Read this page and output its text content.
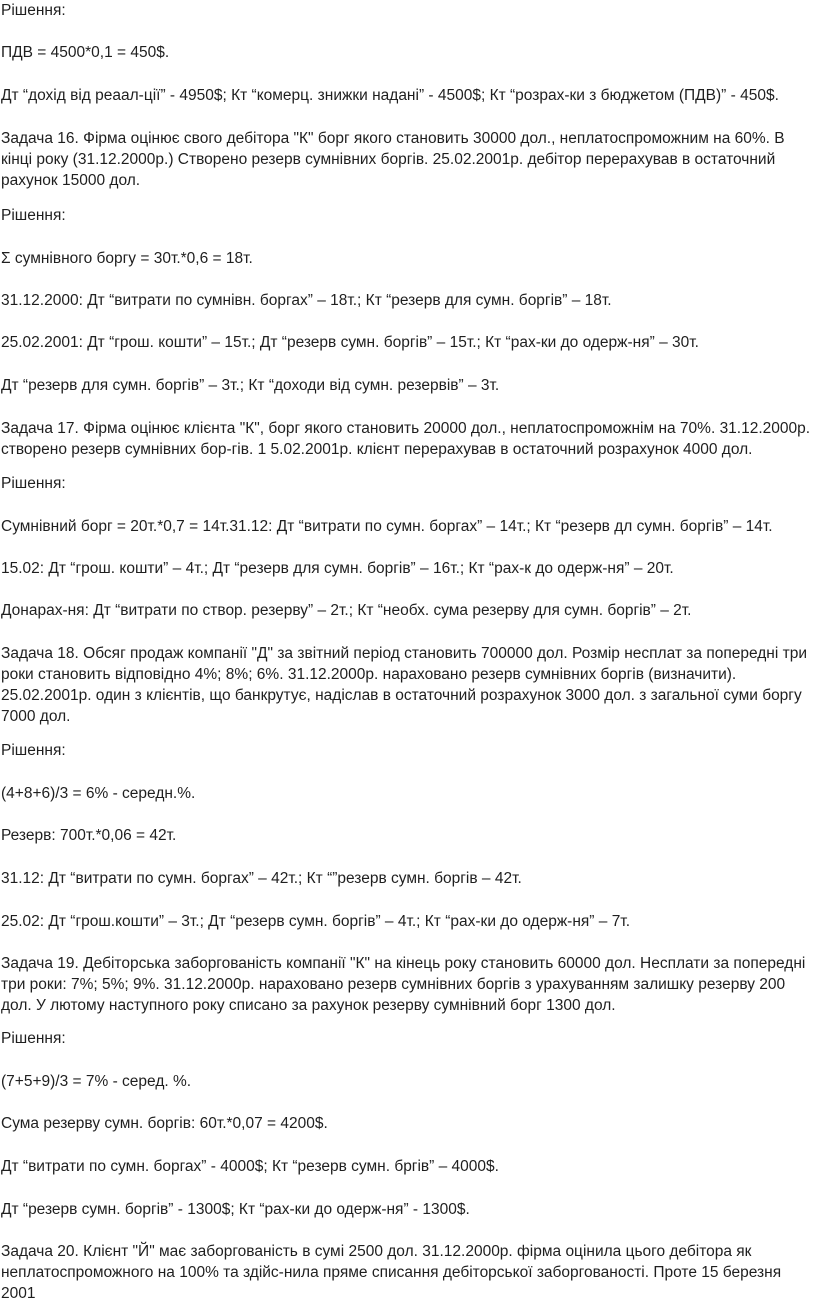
Рішення:

ПДВ = 4500*0,1 = 450$.

Дт “дохід від реаал-ції” - 4950$; Кт “комерц. знижки надані” - 4500$; Кт “розрах-ки з бюджетом (ПДВ)” - 450$.

Задача 16. Фірма оцінює свого дебітора "К" борг якого становить 30000 дол., неплатоспроможним на 60%. В кінці року (31.12.2000р.) Створено резерв сумнівних боргів. 25.02.2001р. дебітор перерахував в остаточний рахунок 15000 дол.

Рішення:

Σ сумнівного боргу = 30т.*0,6 = 18т.

31.12.2000: Дт “витрати по сумнівн. боргах” – 18т.; Кт “резерв для сумн. боргів” – 18т.

25.02.2001: Дт “грош. кошти” – 15т.; Дт “резерв сумн. боргів” – 15т.; Кт “рах-ки до одерж-ня” – 30т.

Дт “резерв для сумн. боргів” – 3т.; Кт “доходи від сумн. резервів” – 3т.

Задача 17. Фірма оцінює клієнта "К", борг якого становить 20000 дол., неплатоспроможнім на 70%. 31.12.2000р. створено резерв сумнівних бор-гів. 1 5.02.2001р. клієнт перерахував в остаточний розрахунок 4000 дол.

Рішення:

Сумнівний борг = 20т.*0,7 = 14т.31.12: Дт “витрати по сумн. боргах” – 14т.; Кт “резерв дл сумн. боргів” – 14т.

15.02: Дт “грош. кошти” – 4т.; Дт “резерв для сумн. боргів” – 16т.; Кт “рах-к до одерж-ня” – 20т.

Донарах-ня: Дт “витрати по створ. резерву” – 2т.; Кт “необх. сума резерву для сумн. боргів” – 2т.

Задача 18. Обсяг продаж компанії "Д" за звітний період становить 700000 дол. Розмір несплат за попередні три роки становить відповідно 4%; 8%; 6%. 31.12.2000р. нараховано резерв сумнівних боргів (визначити). 25.02.2001р. один з клієнтів, що банкрутує, надіслав в остаточний розрахунок 3000 дол. з загальної суми боргу 7000 дол.

Рішення:

(4+8+6)/3 = 6% - середн.%.

Резерв: 700т.*0,06 = 42т.

31.12: Дт “витрати по сумн. боргах” – 42т.; Кт “”резерв сумн. боргів – 42т.

25.02: Дт “грош.кошти” – 3т.; Дт “резерв сумн. боргів” – 4т.; Кт “рах-ки до одерж-ня” – 7т.

Задача 19. Дебіторська заборгованість компанії "К" на кінець року становить 60000 дол. Несплати за попередні три роки: 7%; 5%; 9%. 31.12.2000р. нараховано резерв сумнівних боргів з урахуванням залишку резерву 200 дол. У лютому наступного року списано за рахунок резерву сумнівний борг 1300 дол.

Рішення:

(7+5+9)/3 = 7% - серед. %.

Сума резерву сумн. боргів: 60т.*0,07 = 4200$.

Дт “витрати по сумн. боргах” - 4000$; Кт “резерв сумн. бргів” – 4000$.

Дт “резерв сумн. боргів” - 1300$; Кт “рах-ки до одерж-ня” - 1300$.

Задача 20. Клієнт "Й" має заборгованість в сумі 2500 дол. 31.12.2000р. фірма оцінила цього дебітора як неплатоспроможного на 100% та здійс-нила пряме списання дебіторської заборгованості. Проте 15 березня 2001
